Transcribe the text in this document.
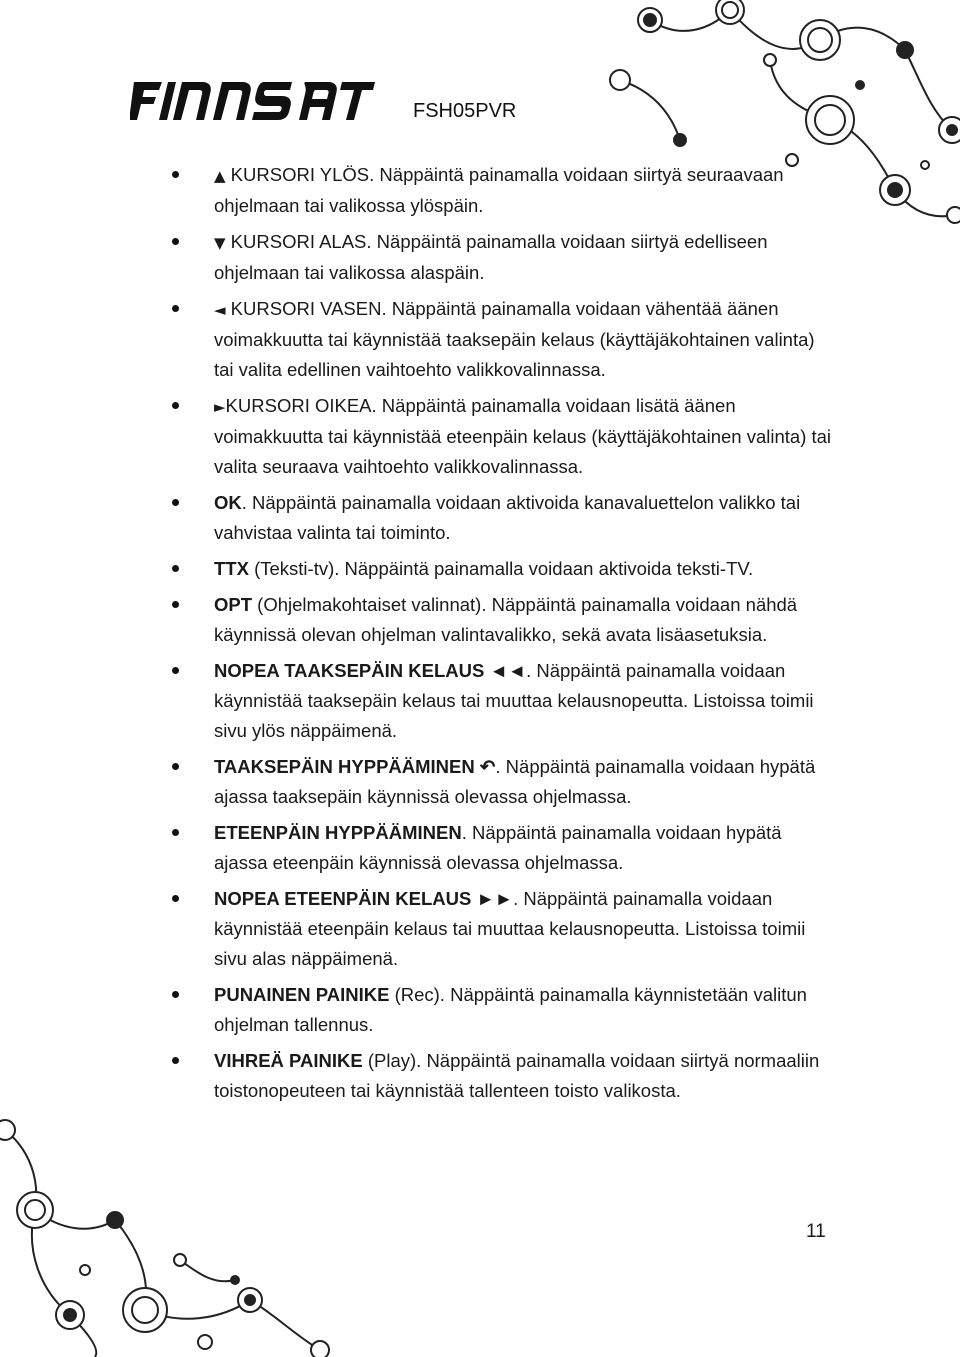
FSH05PVR
▲ KURSORI YLÖS. Näppäintä painamalla voidaan siirtyä seuraavaan ohjelmaan tai valikossa ylöspäin.
▼ KURSORI ALAS. Näppäintä painamalla voidaan siirtyä edelliseen ohjelmaan tai valikossa alaspäin.
◄ KURSORI VASEN. Näppäintä painamalla voidaan vähentää äänen voimakkuutta tai käynnistää taaksepäin kelaus (käyttäjäkohtainen valinta) tai valita edellinen vaihtoehto valikkovalinnassa.
►KURSORI OIKEA. Näppäintä painamalla voidaan lisätä äänen voimakkuutta tai käynnistää eteenpäin kelaus (käyttäjäkohtainen valinta) tai valita seuraava vaihtoehto valikkovalinnassa.
OK. Näppäintä painamalla voidaan aktivoida kanavaluettelon valikko tai vahvistaa valinta tai toiminto.
TTX (Teksti-tv). Näppäintä painamalla voidaan aktivoida teksti-TV.
OPT (Ohjelmakohtaiset valinnat). Näppäintä painamalla voidaan nähdä käynnissä olevan ohjelman valintavalikko, sekä avata lisäasetuksia.
NOPEA TAAKSEPÄIN KELAUS ◄◄. Näppäintä painamalla voidaan käynnistää taaksepäin kelaus tai muuttaa kelausnopeutta. Listoissa toimii sivu ylös näppäimenä.
TAAKSEPÄIN HYPPÄÄMINEN ↶. Näppäintä painamalla voidaan hypätä ajassa taaksepäin käynnissä olevassa ohjelmassa.
ETEENPÄIN HYPPÄÄMINEN. Näppäintä painamalla voidaan hypätä ajassa eteenpäin käynnissä olevassa ohjelmassa.
NOPEA ETEENPÄIN KELAUS ►►. Näppäintä painamalla voidaan käynnistää eteenpäin kelaus tai muuttaa kelausnopeutta. Listoissa toimii sivu alas näppäimenä.
PUNAINEN PAINIKE (Rec). Näppäintä painamalla käynnistetään valitun ohjelman tallennus.
VIHREÄ PAINIKE (Play). Näppäintä painamalla voidaan siirtyä normaaliin toistonopeuteen tai käynnistää tallenteen toisto valikosta.
11
